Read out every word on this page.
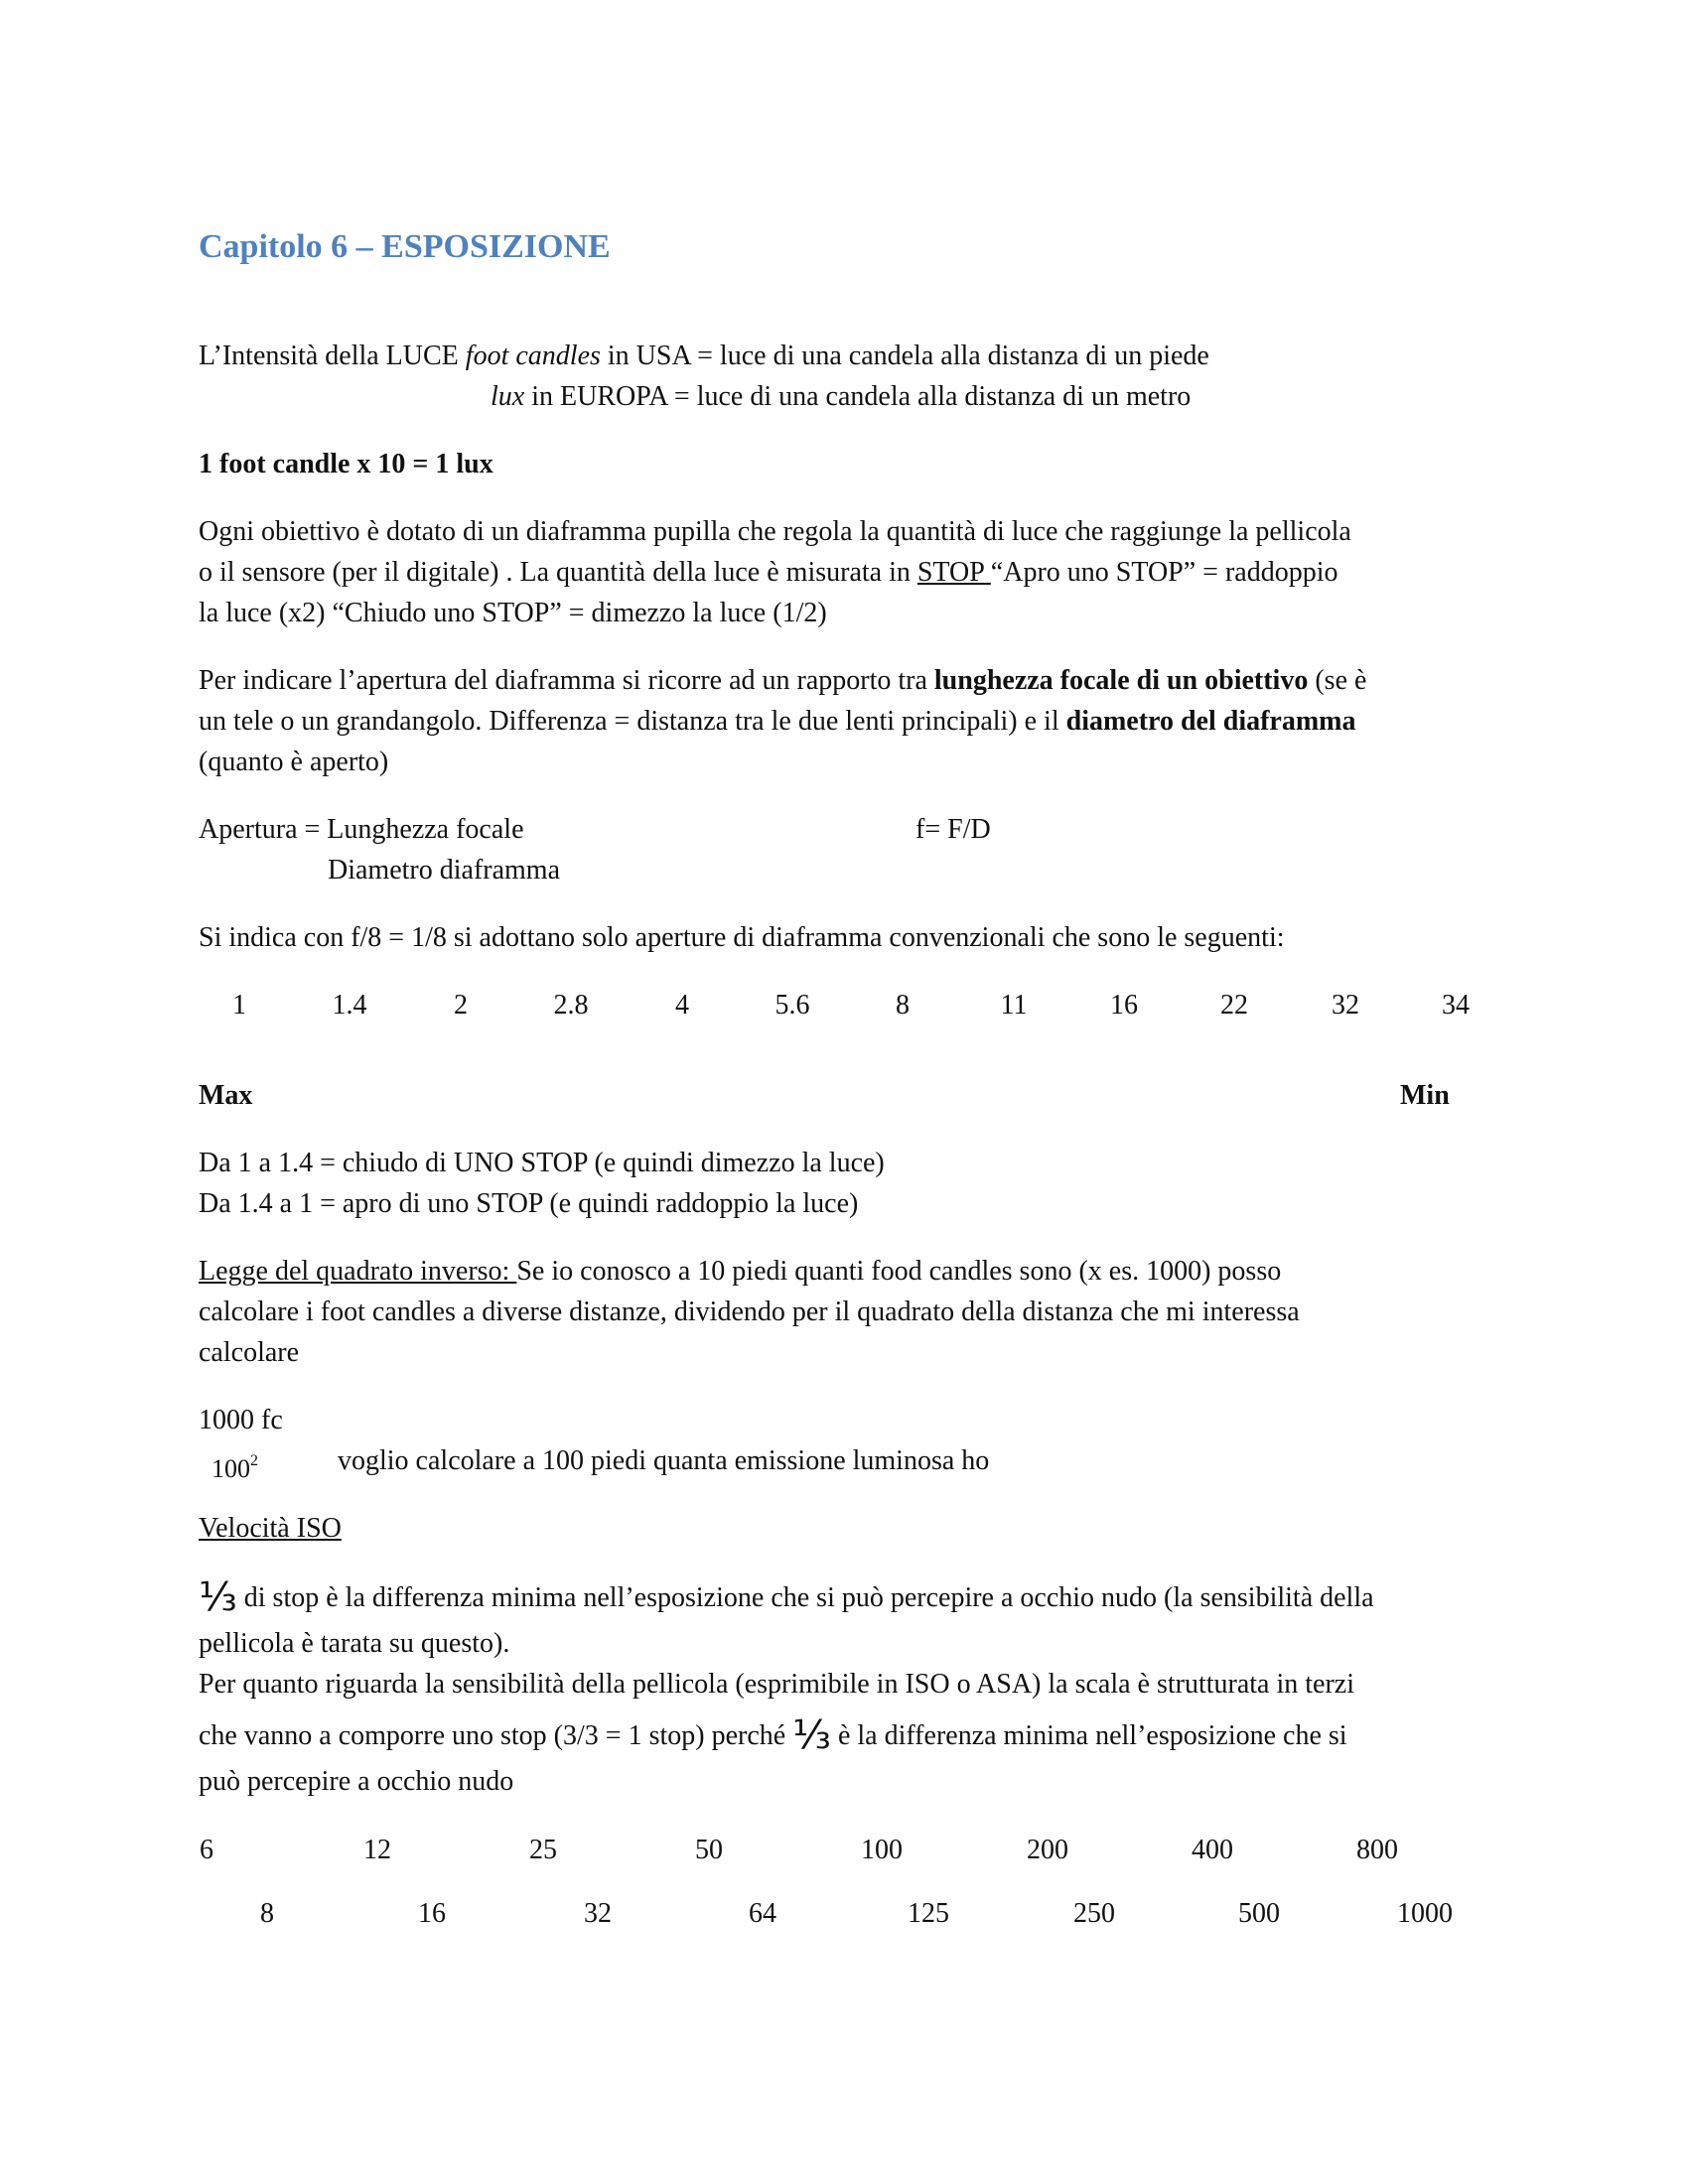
Capitolo 6 – ESPOSIZIONE
L’Intensità della LUCE foot candles in USA = luce di una candela alla distanza di un piede
lux in EUROPA = luce di una candela alla distanza di un metro
1 foot candle x 10 = 1 lux
Ogni obiettivo è dotato di un diaframma pupilla che regola la quantità di luce che raggiunge la pellicola
o il sensore (per il digitale) . La quantità della luce è misurata in STOP “Apro uno STOP” = raddoppio
la luce (x2) “Chiudo uno STOP” = dimezzo la luce (1/2)
Per indicare l’apertura del diaframma si ricorre ad un rapporto tra lunghezza focale di un obiettivo (se è
un tele o un grandangolo. Differenza = distanza tra le due lenti principali) e il diametro del diaframma
(quanto è aperto)
Apertura = Lunghezza focale	f= F/D
Diametro diaframma
Si indica con f/8 = 1/8 si adottano solo aperture di diaframma convenzionali che sono le seguenti:
1	1.4	2	2.8	4	5.6	8	11	16	22	32	34
Max	Min
Da 1 a 1.4 = chiudo di UNO STOP (e quindi dimezzo la luce)
Da 1.4 a 1 = apro di uno STOP (e quindi raddoppio la luce)
Legge del quadrato inverso: Se io conosco a 10 piedi quanti food candles sono (x es. 1000) posso
calcolare i foot candles a diverse distanze, dividendo per il quadrato della distanza che mi interessa
calcolare
1000 fc
$100^2$	voglio calcolare a 100 piedi quanta emissione luminosa ho
Velocità ISO
⅓ di stop è la differenza minima nell’esposizione che si può percepire a occhio nudo (la sensibilità della
pellicola è tarata su questo).
Per quanto riguarda la sensibilità della pellicola (esprimibile in ISO o ASA) la scala è strutturata in terzi
che vanno a comporre uno stop (3/3 = 1 stop) perché ⅓ è la differenza minima nell’esposizione che si
può percepire a occhio nudo
6	12	25	50	100	200	400	800
8	16	32	64	125	250	500	1000
